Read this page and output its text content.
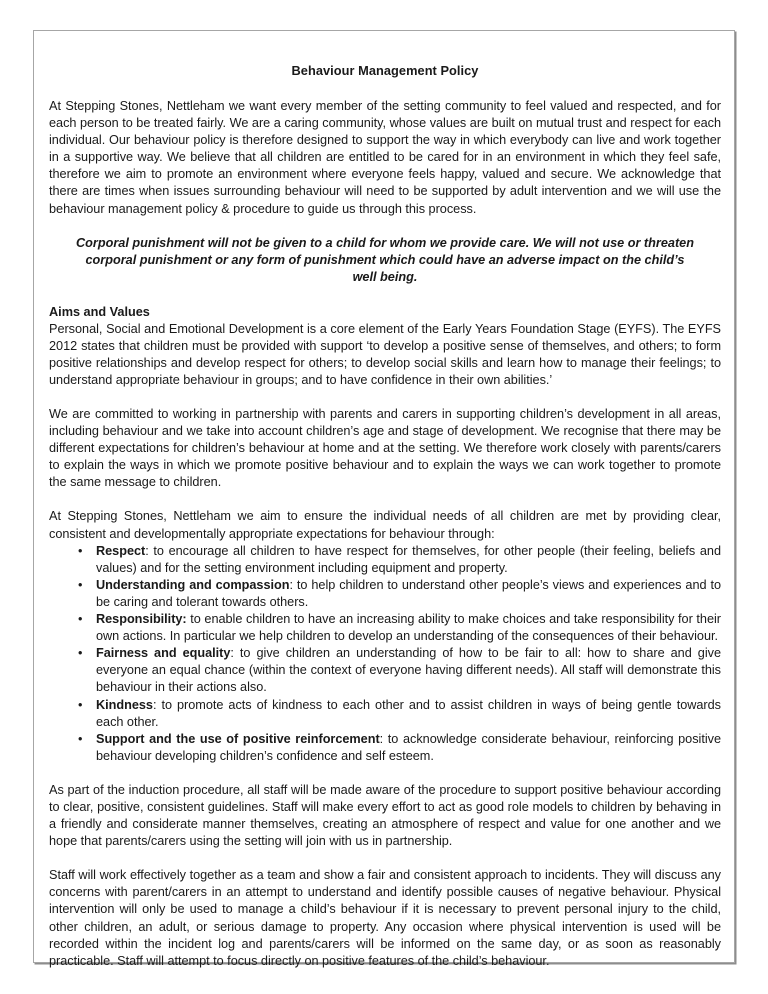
Behaviour Management Policy

At Stepping Stones, Nettleham we want every member of the setting community to feel valued and respected, and for each person to be treated fairly. We are a caring community, whose values are built on mutual trust and respect for each individual. Our behaviour policy is therefore designed to support the way in which everybody can live and work together in a supportive way. We believe that all children are entitled to be cared for in an environment in which they feel safe, therefore we aim to promote an environment where everyone feels happy, valued and secure. We acknowledge that there are times when issues surrounding behaviour will need to be supported by adult intervention and we will use the behaviour management policy & procedure to guide us through this process.

Corporal punishment will not be given to a child for whom we provide care. We will not use or threaten corporal punishment or any form of punishment which could have an adverse impact on the child’s well being.

Aims and Values

Personal, Social and Emotional Development is a core element of the Early Years Foundation Stage (EYFS). The EYFS 2012 states that children must be provided with support ‘to develop a positive sense of themselves, and others; to form positive relationships and develop respect for others; to develop social skills and learn how to manage their feelings; to understand appropriate behaviour in groups; and to have confidence in their own abilities.’

We are committed to working in partnership with parents and carers in supporting children’s development in all areas, including behaviour and we take into account children’s age and stage of development. We recognise that there may be different expectations for children’s behaviour at home and at the setting. We therefore work closely with parents/carers to explain the ways in which we promote positive behaviour and to explain the ways we can work together to promote the same message to children.

At Stepping Stones, Nettleham we aim to ensure the individual needs of all children are met by providing clear, consistent and developmentally appropriate expectations for behaviour through:

• Respect: to encourage all children to have respect for themselves, for other people (their feeling, beliefs and values) and for the setting environment including equipment and property.
• Understanding and compassion: to help children to understand other people’s views and experiences and to be caring and tolerant towards others.
• Responsibility: to enable children to have an increasing ability to make choices and take responsibility for their own actions. In particular we help children to develop an understanding of the consequences of their behaviour.
• Fairness and equality: to give children an understanding of how to be fair to all: how to share and give everyone an equal chance (within the context of everyone having different needs). All staff will demonstrate this behaviour in their actions also.
• Kindness: to promote acts of kindness to each other and to assist children in ways of being gentle towards each other.
• Support and the use of positive reinforcement: to acknowledge considerate behaviour, reinforcing positive behaviour developing children’s confidence and self esteem.

As part of the induction procedure, all staff will be made aware of the procedure to support positive behaviour according to clear, positive, consistent guidelines. Staff will make every effort to act as good role models to children by behaving in a friendly and considerate manner themselves, creating an atmosphere of respect and value for one another and we hope that parents/carers using the setting will join with us in partnership.

Staff will work effectively together as a team and show a fair and consistent approach to incidents. They will discuss any concerns with parent/carers in an attempt to understand and identify possible causes of negative behaviour. Physical intervention will only be used to manage a child’s behaviour if it is necessary to prevent personal injury to the child, other children, an adult, or serious damage to property. Any occasion where physical intervention is used will be recorded within the incident log and parents/carers will be informed on the same day, or as soon as reasonably practicable. Staff will attempt to focus directly on positive features of the child’s behaviour.
